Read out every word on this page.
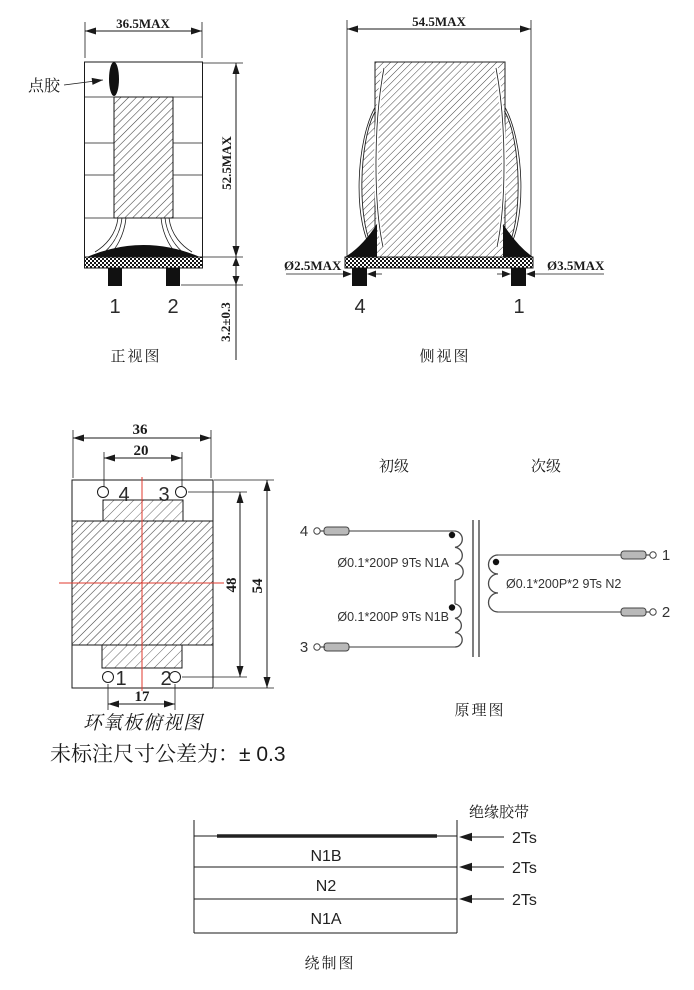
36.5MAX
点胶
1 2
52.5MAX
3.2±0.3
正视图
54.5MAX
4	1
Ø2.5MAX	Ø3.5MAX
侧视图
4 3
1 2
36
20
48 54
17
环氧板俯视图
未标注尺寸公差为：± 0.3
初级	次级
4
3
Ø0.1*200P 9Ts N1A
Ø0.1*200P 9Ts N1B
1
2
Ø0.1*200P*2 9Ts N2
原理图
N1B
N2
N1A
2Ts
2Ts
2Ts
绝缘胶带
绕制图
